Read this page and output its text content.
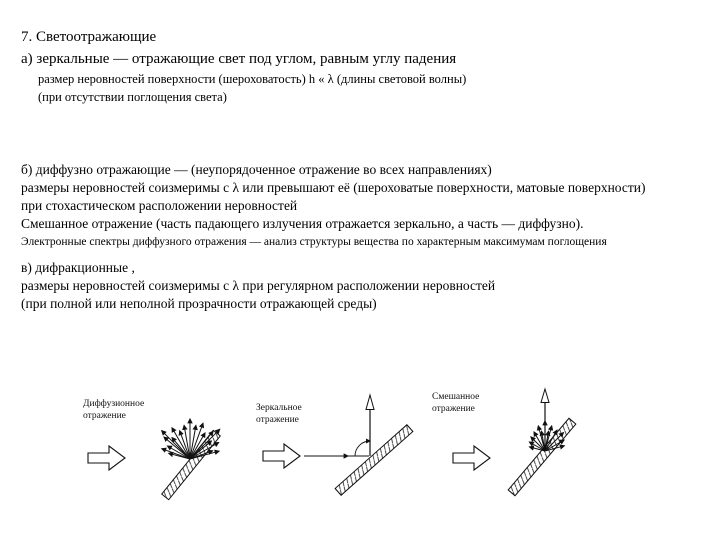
7. Светоотражающие
а) зеркальные — отражающие свет под углом, равным углу падения
размер неровностей поверхности (шероховатость) h « λ (длины световой волны)
(при отсутствии поглощения света)
б) диффузно отражающие — (неупорядоченное отражение во всех направлениях)
размеры неровностей соизмеримы с λ или превышают её (шероховатые поверхности, матовые поверхности)
при стохастическом расположении неровностей
Смешанное отражение (часть падающего излучения отражается зеркально, а часть — диффузно).
Электронные спектры диффузного отражения — анализ структуры вещества по характерным максимумам поглощения
в) дифракционные ,
размеры неровностей соизмеримы с λ при регулярном расположении неровностей
(при полной или неполной прозрачности отражающей среды)
Диффузионное
отражение
Зеркальное
отражение
Смешанное
отражение
